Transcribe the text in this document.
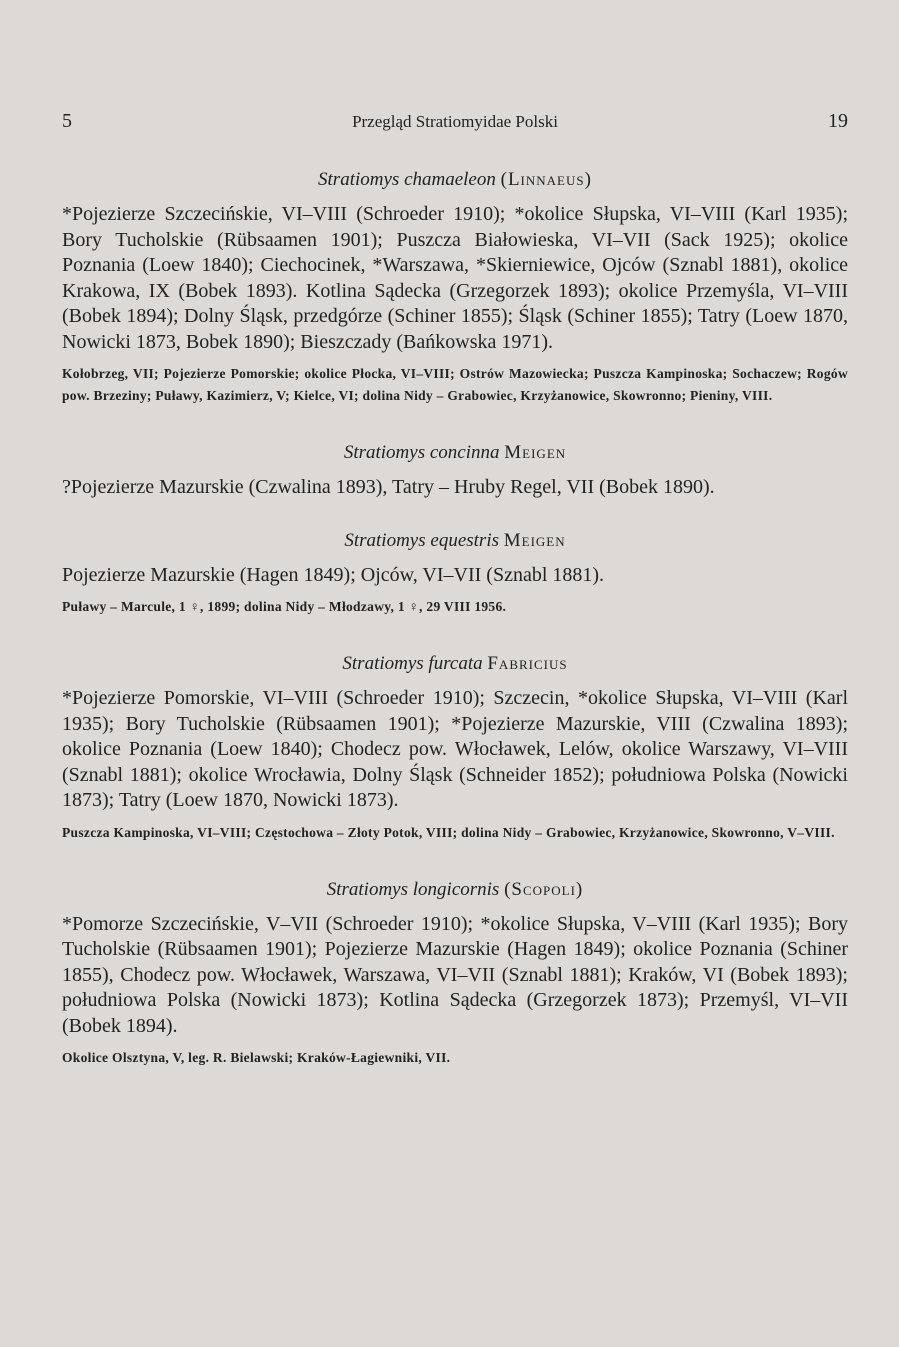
5	Przegląd Stratiomyidae Polski	19

Stratiomys chamaeleon (Linnaeus)

*Pojezierze Szczecińskie, VI–VIII (Schroeder 1910); *okolice Słupska, VI–VIII (Karl 1935); Bory Tucholskie (Rübsaamen 1901); Puszcza Białowieska, VI–VII (Sack 1925); okolice Poznania (Loew 1840); Ciechocinek, *Warszawa, *Skierniewice, Ojców (Sznabl 1881), okolice Krakowa, IX (Bobek 1893). Kotlina Sądecka (Grzegorzek 1893); okolice Przemyśla, VI–VIII (Bobek 1894); Dolny Śląsk, przedgórze (Schiner 1855); Śląsk (Schiner 1855); Tatry (Loew 1870, Nowicki 1873, Bobek 1890); Bieszczady (Bańkowska 1971).

Kołobrzeg, VII; Pojezierze Pomorskie; okolice Płocka, VI–VIII; Ostrów Mazowiecka; Puszcza Kampinoska; Sochaczew; Rogów pow. Brzeziny; Puławy, Kazimierz, V; Kielce, VI; dolina Nidy – Grabowiec, Krzyżanowice, Skowronno; Pieniny, VIII.

Stratiomys concinna Meigen

?Pojezierze Mazurskie (Czwalina 1893), Tatry – Hruby Regel, VII (Bobek 1890).

Stratiomys equestris Meigen

Pojezierze Mazurskie (Hagen 1849); Ojców, VI–VII (Sznabl 1881).

Puławy – Marcule, 1 ♀, 1899; dolina Nidy – Młodzawy, 1 ♀, 29 VIII 1956.

Stratiomys furcata Fabricius

*Pojezierze Pomorskie, VI–VIII (Schroeder 1910); Szczecin, *okolice Słupska, VI–VIII (Karl 1935); Bory Tucholskie (Rübsaamen 1901); *Pojezierze Mazurskie, VIII (Czwalina 1893); okolice Poznania (Loew 1840); Chodecz pow. Włocławek, Lelów, okolice Warszawy, VI–VIII (Sznabl 1881); okolice Wrocławia, Dolny Śląsk (Schneider 1852); południowa Polska (Nowicki 1873); Tatry (Loew 1870, Nowicki 1873).

Puszcza Kampinoska, VI–VIII; Częstochowa – Złoty Potok, VIII; dolina Nidy – Grabowiec, Krzyżanowice, Skowronno, V–VIII.

Stratiomys longicornis (Scopoli)

*Pomorze Szczecińskie, V–VII (Schroeder 1910); *okolice Słupska, V–VIII (Karl 1935); Bory Tucholskie (Rübsaamen 1901); Pojezierze Mazurskie (Hagen 1849); okolice Poznania (Schiner 1855), Chodecz pow. Włocławek, Warszawa, VI–VII (Sznabl 1881); Kraków, VI (Bobek 1893); południowa Polska (Nowicki 1873); Kotlina Sądecka (Grzegorzek 1873); Przemyśl, VI–VII (Bobek 1894).

Okolice Olsztyna, V, leg. R. Bielawski; Kraków-Łagiewniki, VII.
